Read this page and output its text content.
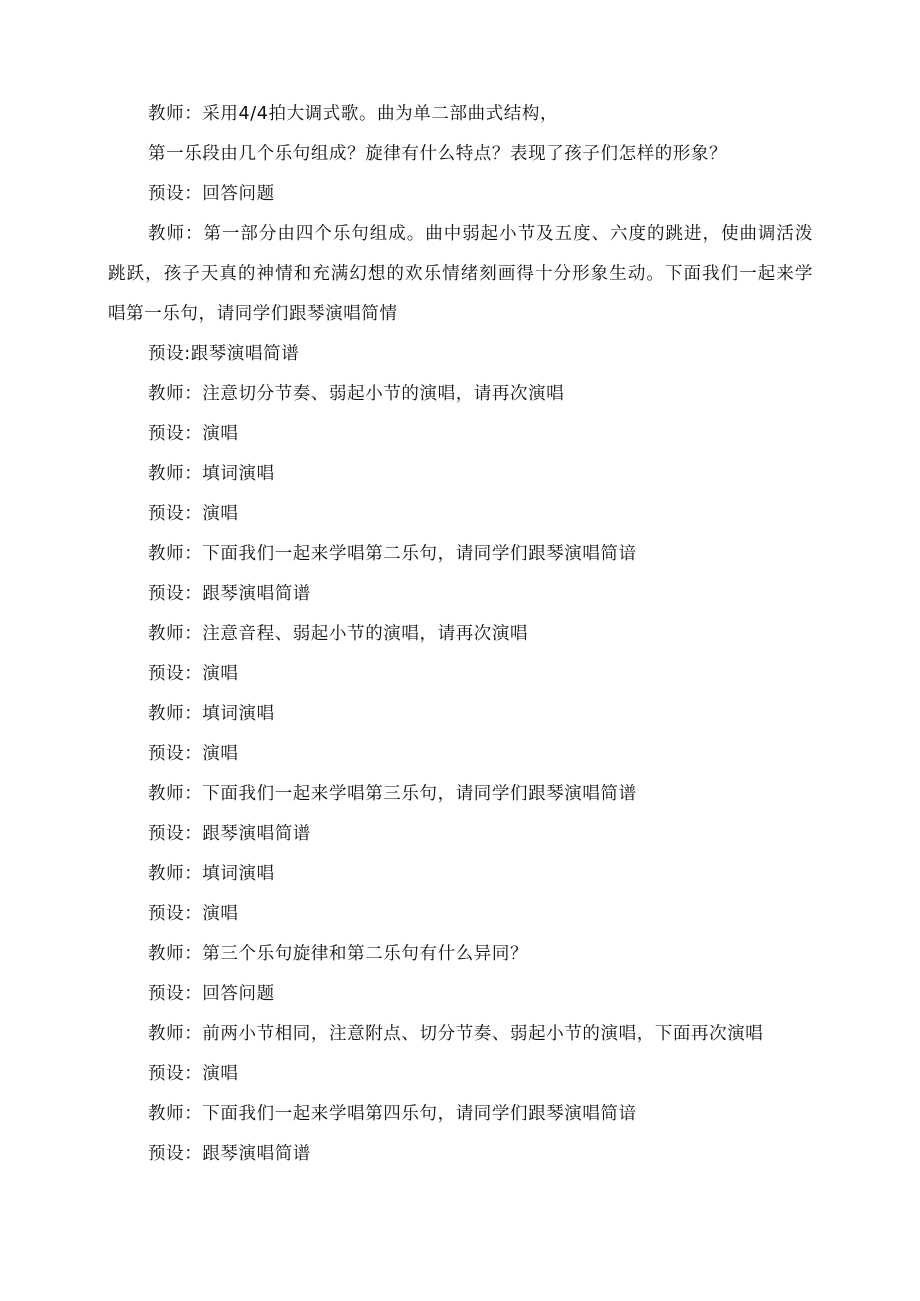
教师：采用4/4拍大调式歌。曲为单二部曲式结构，

第一乐段由几个乐句组成？旋律有什么特点？表现了孩子们怎样的形象？

预设：回答问题

教师：第一部分由四个乐句组成。曲中弱起小节及五度、六度的跳进，使曲调活泼跳跃，孩子天真的神情和充满幻想的欢乐情绪刻画得十分形象生动。下面我们一起来学唱第一乐句，请同学们跟琴演唱简情

预设:跟琴演唱简谱

教师：注意切分节奏、弱起小节的演唱，请再次演唱

预设：演唱

教师：填词演唱

预设：演唱

教师：下面我们一起来学唱第二乐句，请同学们跟琴演唱简谙

预设：跟琴演唱简谱

教师：注意音程、弱起小节的演唱，请再次演唱

预设：演唱

教师：填词演唱

预设：演唱

教师：下面我们一起来学唱第三乐句，请同学们跟琴演唱简谱

预设：跟琴演唱简谱

教师：填词演唱

预设：演唱

教师：第三个乐句旋律和第二乐句有什么异同？

预设：回答问题

教师：前两小节相同，注意附点、切分节奏、弱起小节的演唱，下面再次演唱

预设：演唱

教师：下面我们一起来学唱第四乐句，请同学们跟琴演唱简谙

预设：跟琴演唱简谱
